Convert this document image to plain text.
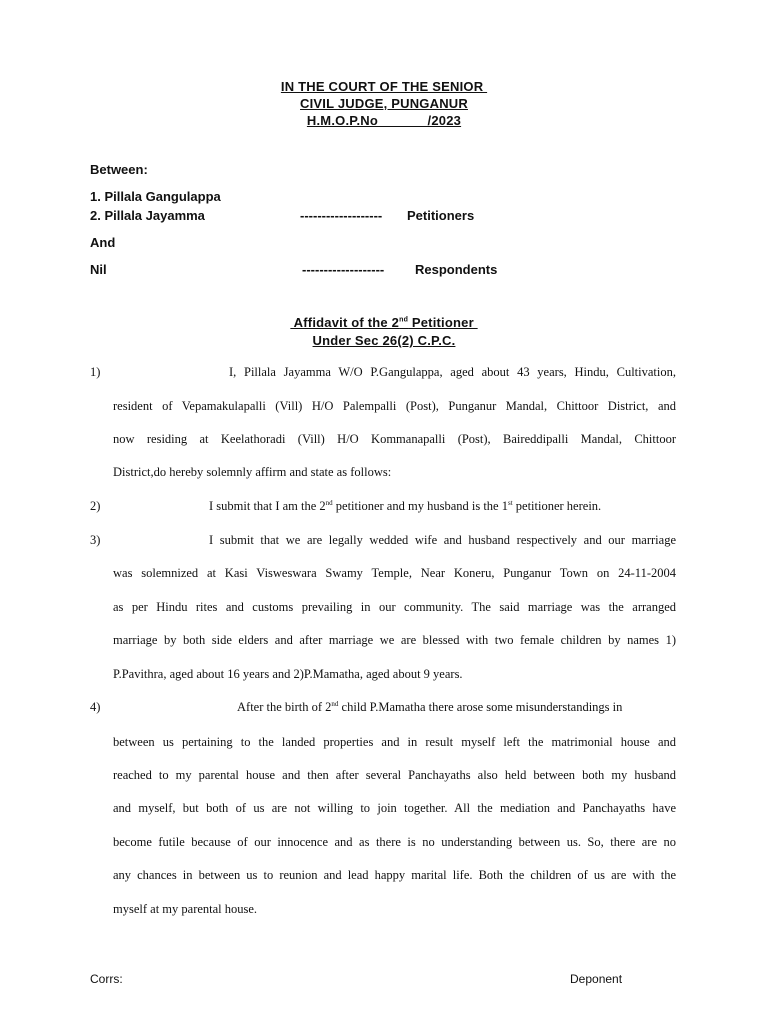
IN THE COURT OF THE SENIOR
CIVIL JUDGE, PUNGANUR
H.M.O.P.No             /2023
Between:
1. Pillala Gangulappa
2. Pillala Jayamma	------------------- Petitioners
And
Nil	------------------- Respondents
Affidavit of the 2nd Petitioner
Under Sec 26(2) C.P.C.
1)	I, Pillala Jayamma W/O P.Gangulappa, aged about 43 years, Hindu, Cultivation,
resident of Vepamakulapalli (Vill) H/O Palempalli (Post), Punganur Mandal, Chittoor District, and
now residing at Keelathoradi (Vill) H/O Kommanapalli (Post), Baireddipalli Mandal, Chittoor
District,do hereby solemnly affirm and state as follows:
2)	I submit that I am the 2nd petitioner and my husband is the 1st petitioner herein.
3)	I submit that we are legally wedded wife and husband respectively and our marriage
was solemnized at Kasi Visweswara Swamy Temple, Near Koneru, Punganur Town on 24-11-2004
as per Hindu rites and customs prevailing in our community. The said marriage was the arranged
marriage by both side elders and after marriage we are blessed with two female children by names 1)
P.Pavithra, aged about 16 years and 2)P.Mamatha, aged about 9 years.
4)	After the birth of 2nd child P.Mamatha there arose some misunderstandings in
between us pertaining to the landed properties and in result myself left the matrimonial house and
reached to my parental house and then after several Panchayaths also held between both my husband
and myself, but both of us are not willing to join together. All the mediation and Panchayaths have
become futile because of our innocence and as there is no understanding between us. So, there are no
any chances in between us to reunion and lead happy marital life. Both the children of us are with the
myself at my parental house.
Corrs:	Deponent
